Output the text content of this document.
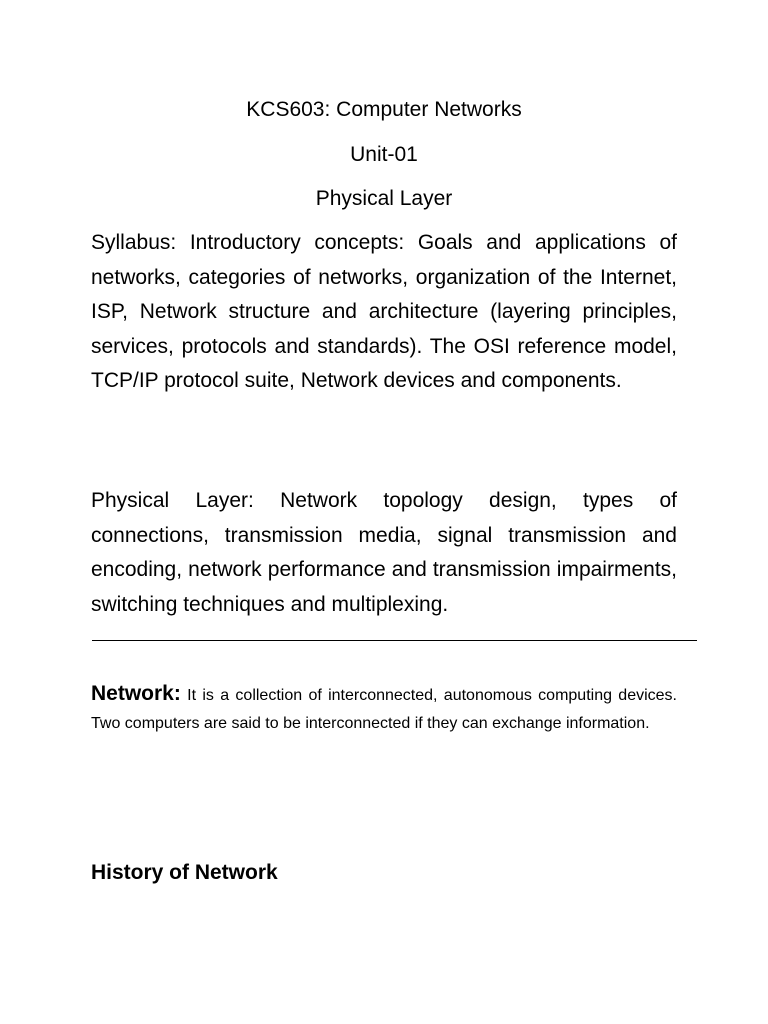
KCS603: Computer Networks
Unit-01
Physical Layer
Syllabus: Introductory concepts: Goals and applications of networks, categories of networks, organization of the Internet, ISP, Network structure and architecture (layering principles, services, protocols and standards). The OSI reference model, TCP/IP protocol suite, Network devices and components.
Physical Layer: Network topology design, types of connections, transmission media, signal transmission and encoding, network performance and transmission impairments, switching techniques and multiplexing.
Network: It is a collection of interconnected, autonomous computing devices. Two computers are said to be interconnected if they can exchange information.
History of Network
